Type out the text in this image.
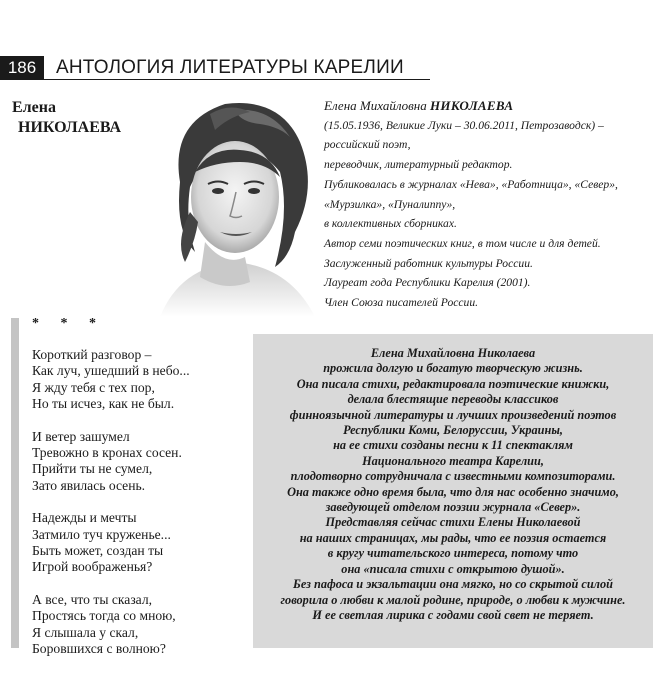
186	АНТОЛОГИЯ ЛИТЕРАТУРЫ КАРЕЛИИ
Елена
НИКОЛАЕВА
Елена Михайловна НИКОЛАЕВА
(15.05.1936, Великие Луки – 30.06.2011, Петрозаводск) –
российский поэт,
переводчик, литературный редактор.
Публиковалась в журналах «Нева», «Работница», «Север»,
«Мурзилка», «Пуналиппу»,
в коллективных сборниках.
Автор семи поэтических книг, в том числе и для детей.
Заслуженный работник культуры России.
Лауреат года Республики Карелия (2001).
Член Союза писателей России.
* * *
Короткий разговор –
Как луч, ушедший в небо...
Я жду тебя с тех пор,
Но ты исчез, как не был.
И ветер зашумел
Тревожно в кронах сосен.
Прийти ты не сумел,
Зато явилась осень.
Надежды и мечты
Затмило туч круженье...
Быть может, создан ты
Игрой воображенья?
А все, что ты сказал,
Простясь тогда со мною,
Я слышала у скал,
Боровшихся с волною?
Елена Михайловна Николаева
прожила долгую и богатую творческую жизнь.
Она писала стихи, редактировала поэтические книжки,
делала блестящие переводы классиков
финноязычной литературы и лучших произведений поэтов
Республики Коми, Белоруссии, Украины,
на ее стихи созданы песни к 11 спектаклям
Национального театра Карелии,
плодотворно сотрудничала с известными композиторами.
Она также одно время была, что для нас особенно значимо,
заведующей отделом поэзии журнала «Север».
Представляя сейчас стихи Елены Николаевой
на наших страницах, мы рады, что ее поэзия остается
в кругу читательского интереса, потому что
она «писала стихи с открытою душой».
Без пафоса и экзальтации она мягко, но со скрытой силой
говорила о любви к малой родине, природе, о любви к мужчине.
И ее светлая лирика с годами свой свет не теряет.
